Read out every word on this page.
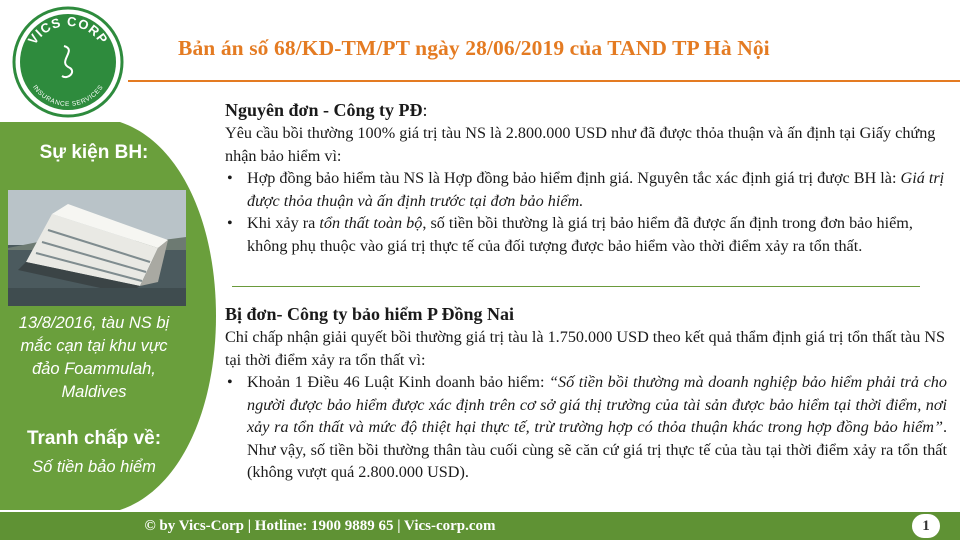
VICS CORP
INSURANCE SERVICES
Bản án số 68/KD-TM/PT ngày 28/06/2019 của TAND TP Hà Nội
Sự kiện BH:
13/8/2016, tàu NS bị
mắc cạn tại khu vực
đảo Foammulah,
Maldives
Tranh chấp về:
Số tiền bảo hiểm
Nguyên đơn - Công ty PĐ:
Yêu cầu bồi thường 100% giá trị tàu NS là 2.800.000 USD như đã được thỏa thuận và ấn định tại Giấy chứng nhận bảo hiểm vì:
• Hợp đồng bảo hiểm tàu NS là Hợp đồng bảo hiểm định giá. Nguyên tắc xác định giá trị được BH là: Giá trị được thỏa thuận và ấn định trước tại đơn bảo hiểm.
• Khi xảy ra tổn thất toàn bộ, số tiền bồi thường là giá trị bảo hiểm đã được ấn định trong đơn bảo hiểm, không phụ thuộc vào giá trị thực tế của đối tượng được bảo hiểm vào thời điểm xảy ra tổn thất.
Bị đơn- Công ty bảo hiểm P Đồng Nai
Chỉ chấp nhận giải quyết bồi thường giá trị tàu là 1.750.000 USD theo kết quả thẩm định giá trị tổn thất tàu NS tại thời điểm xảy ra tổn thất vì:
• Khoản 1 Điều 46 Luật Kinh doanh bảo hiểm: “Số tiền bồi thường mà doanh nghiệp bảo hiểm phải trả cho người được bảo hiểm được xác định trên cơ sở giá thị trường của tài sản được bảo hiểm tại thời điểm, nơi xảy ra tổn thất và mức độ thiệt hại thực tế, trừ trường hợp có thỏa thuận khác trong hợp đồng bảo hiểm”. Như vậy, số tiền bồi thường thân tàu cuối cùng sẽ căn cứ giá trị thực tế của tàu tại thời điểm xảy ra tổn thất (không vượt quá 2.800.000 USD).
© by Vics-Corp | Hotline: 1900 9889 65 | Vics-corp.com	1
